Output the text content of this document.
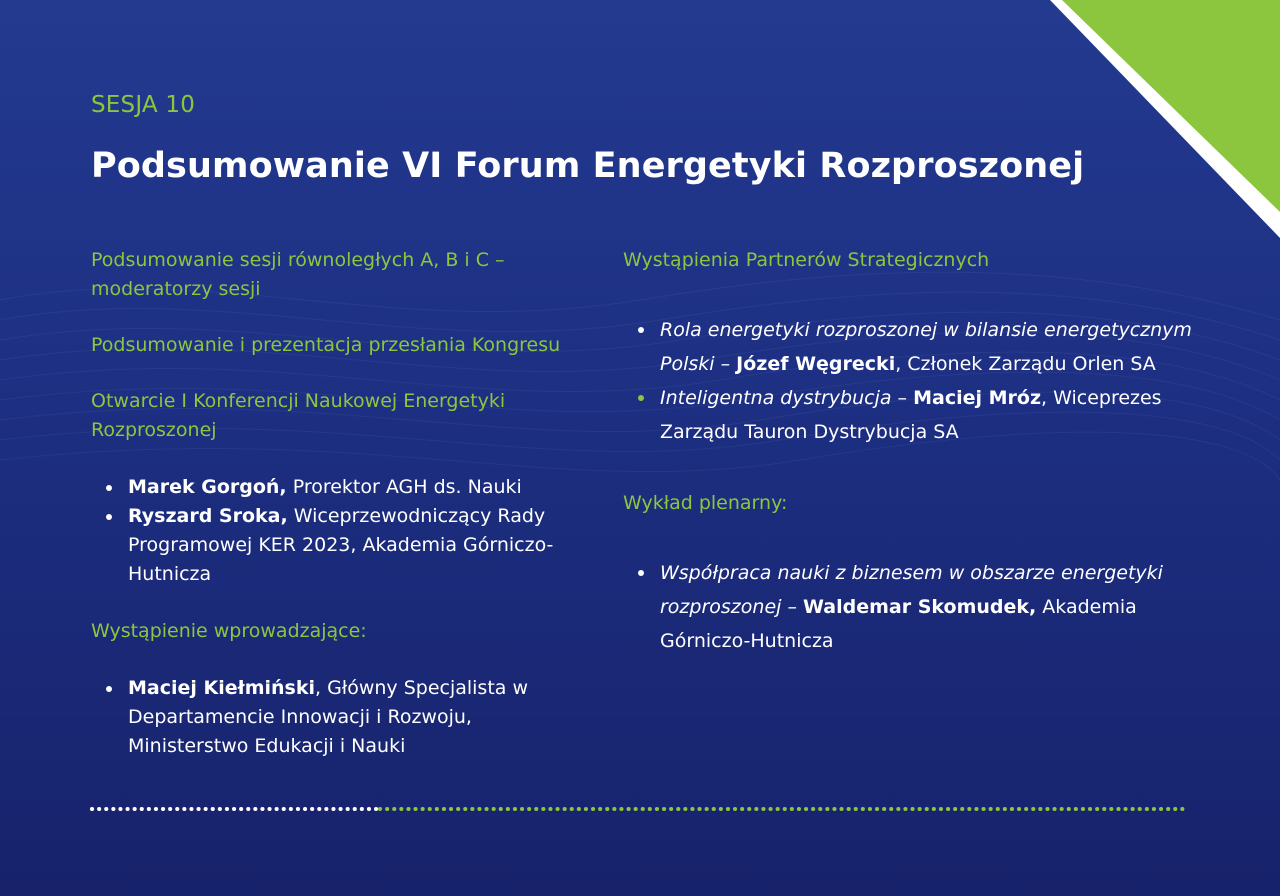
SESJA 10
Podsumowanie VI Forum Energetyki Rozproszonej
Podsumowanie sesji równoległych A, B i C – moderatorzy sesji
Podsumowanie i prezentacja przesłania Kongresu
Otwarcie I Konferencji Naukowej Energetyki Rozproszonej
Marek Gorgoń, Prorektor AGH ds. Nauki
Ryszard Sroka, Wiceprzewodniczący Rady Programowej KER 2023, Akademia Górniczo-Hutnicza
Wystąpienie wprowadzające:
Maciej Kiełmiński, Główny Specjalista w Departamencie Innowacji i Rozwoju, Ministerstwo Edukacji i Nauki
Wystąpienia Partnerów Strategicznych
Rola energetyki rozproszonej w bilansie energetycznym Polski – Józef Węgrecki, Członek Zarządu Orlen SA
Inteligentna dystrybucja – Maciej Mróz, Wiceprezes Zarządu Tauron Dystrybucja SA
Wykład plenarny:
Współpraca nauki z biznesem w obszarze energetyki rozproszonej – Waldemar Skomudek, Akademia Górniczo-Hutnicza
